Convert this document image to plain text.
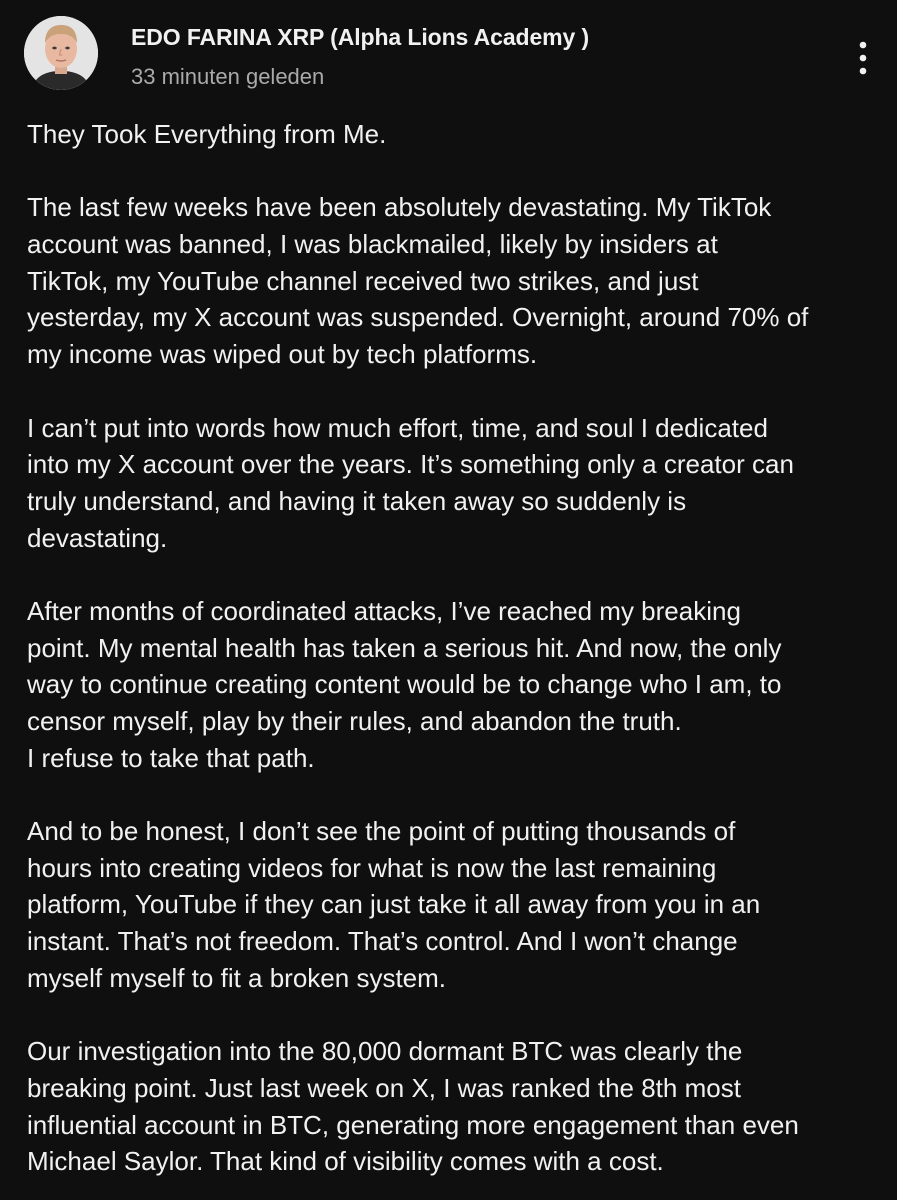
EDO FARINA XRP (Alpha Lions Academy )
33 minuten geleden
They Took Everything from Me.
The last few weeks have been absolutely devastating. My TikTok
account was banned, I was blackmailed, likely by insiders at
TikTok, my YouTube channel received two strikes, and just
yesterday, my X account was suspended. Overnight, around 70% of
my income was wiped out by tech platforms.
I can’t put into words how much effort, time, and soul I dedicated
into my X account over the years. It’s something only a creator can
truly understand, and having it taken away so suddenly is
devastating.
After months of coordinated attacks, I’ve reached my breaking
point. My mental health has taken a serious hit. And now, the only
way to continue creating content would be to change who I am, to
censor myself, play by their rules, and abandon the truth.
I refuse to take that path.
And to be honest, I don’t see the point of putting thousands of
hours into creating videos for what is now the last remaining
platform, YouTube if they can just take it all away from you in an
instant. That’s not freedom. That’s control. And I won’t change
myself myself to fit a broken system.
Our investigation into the 80,000 dormant BTC was clearly the
breaking point. Just last week on X, I was ranked the 8th most
influential account in BTC, generating more engagement than even
Michael Saylor. That kind of visibility comes with a cost.
